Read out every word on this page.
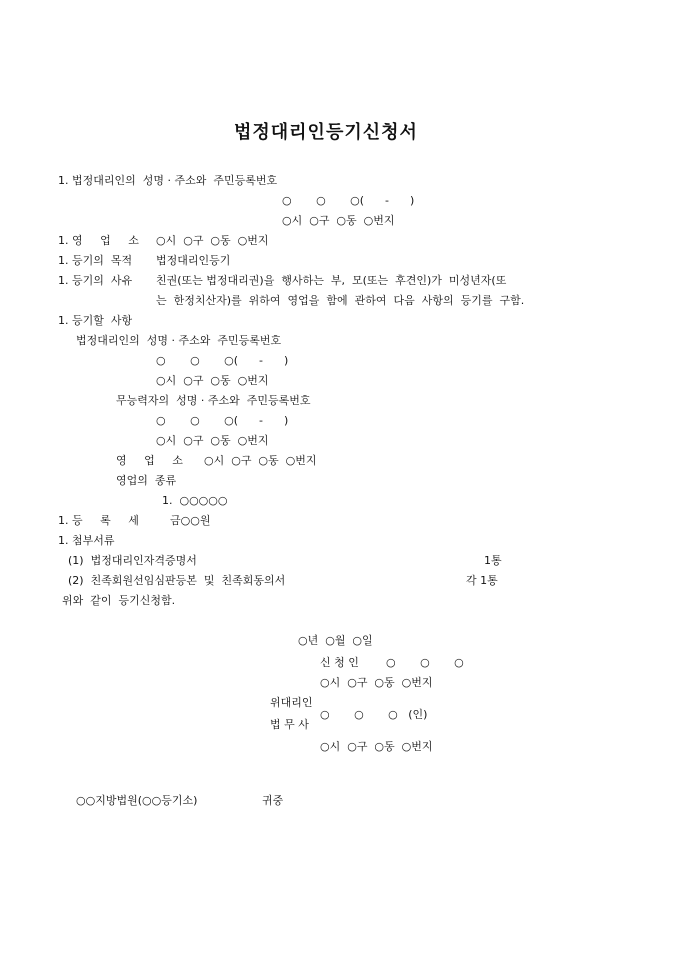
법정대리인등기신청서
1. 법정대리인의  성명 · 주소와  주민등록번호
○       ○       ○(      -      )
○시  ○구  ○동  ○번지
1. 영     업     소 ○시  ○구  ○동  ○번지
1. 등기의  목적 법정대리인등기
1. 등기의  사유 친권(또는 법정대리권)을  행사하는  부,  모(또는  후견인)가  미성년자(또
는  한정치산자)를  위하여  영업을  함에  관하여  다음  사항의  등기를  구함.
1. 등기할  사항
법정대리인의  성명 · 주소와  주민등록번호
○       ○       ○(      -      )
○시  ○구  ○동  ○번지
무능력자의  성명 · 주소와  주민등록번호
○       ○       ○(      -      )
○시  ○구  ○동  ○번지
영     업     소 ○시  ○구  ○동  ○번지
영업의  종류
1.  ○○○○○
1. 등     록     세	금○○원
1. 첨부서류
(1)  법정대리인자격증명서	1통
(2)  친족회원선임심판등본  및  친족회동의서	각 1통
위와  같이  등기신청함.
○년  ○월  ○일
신 청 인 ○       ○       ○
○시  ○구  ○동  ○번지
위대리인
법 무 사
○       ○       ○   (인)
○시  ○구  ○동  ○번지
○○지방법원(○○등기소)	귀중
